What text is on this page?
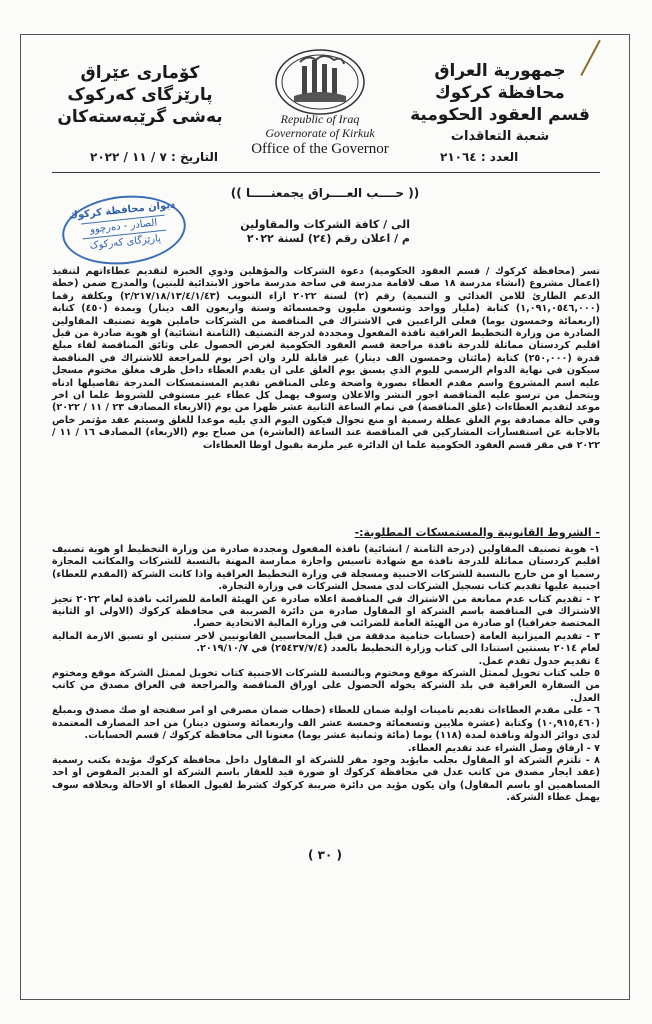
کۆماری عێراق
پارێزگای کەرکوک
بەشی گرێبەستەکان	Republic of Iraq
Governorate of Kirkuk
Office of the Governor
جمهورية العراق
محافظة كركوك
قسم العقود الحكومية
شعبة التعاقدات
العدد : ٢١٠٦٤
التاريخ : ٧ / ١١ / ٢٠٢٢
ديوان محافظة كركوك
الصادر - دەرچوو
پارێزگای کەرکوک
(( حــــب العــــراق يجمعنـــــا ))
الى / كافة الشركات والمقاولين
م / اعلان رقم (٢٤) لسنة ٢٠٢٢

تسر (محافظة كركوك / قسم العقود الحكومية) دعوة الشركات والمؤهلين وذوي الخبرة لتقديم عطاءاتهم لتنفيذ (اعمال مشروع (انشاء مدرسة ١٨ صف لاقامة مدرسة في ساحة مدرسة ماحوز الابتدائية للبنين) والمدرج ضمن (خطة الدعم الطارئ للامن الغذائي و التنمية) رقم (٢) لسنة ٢٠٢٢ ازاء التبويب (٢/٢١٧/١٨/١٣/٤/١/٤٣) وبكلفة رقما (١,٠٩١,٠٥٤٦,٠٠٠) كتابة (مليار وواحد وتسعون مليون وخمسمائة وستة واربعون الف دينار) وبمدة (٤٥٠) كتابة (اربعمائة وخمسون يوما) فعلى الراغبين في الاشتراك في المناقصة من الشركات حاملين هوية تصنيف المقاولين الصادرة من وزارة التخطيط العراقية نافذة المفعول ومجددة لدرجة التصنيف (الثامنة انشائية) او هوية صادرة من قبل اقليم كردستان مماثلة للدرجة نافذة مراجعة قسم العقود الحكومية لغرض الحصول على وثائق المناقصة لقاء مبلغ قدرة (٢٥٠,٠٠٠) كتابة (مائتان وخمسون الف دينار) غير قابلة للرد وان اخر يوم للمراجعة للاشتراك في المناقصة سيكون في نهاية الدوام الرسمي لليوم الذي يسبق يوم الغلق على ان يقدم العطاء داخل ظرف مغلق مختوم مسجل عليه اسم المشروع واسم مقدم العطاء بصورة واضحة وعلى المناقص تقديم المستمسكات المدرجة تفاصيلها ادناه ويتحمل من ترسو عليه المناقصة اجور النشر والاعلان وسوف يهمل كل عطاء غير مستوفي للشروط علما ان اخر موعد لتقديم العطاءات (غلق المناقصة) في تمام الساعة الثانية عشر ظهرا من يوم (الاربعاء المصادف ٢٣ / ١١ / ٢٠٢٢) وفي حالة مصادفة يوم الغلق عطلة رسمية او منع تجوال فيكون اليوم الذي يليه موعدا للغلق وسيتم عقد مؤتمر خاص بالاجابة عن استفسارات المشاركين في المناقصة عند الساعة (العاشرة) من صباح يوم (الاربعاء) المصادف ١٦ / ١١ / ٢٠٢٢ في مقر قسم العقود الحكومية علما ان الدائرة غير ملزمة بقبول اوطا العطاءات

- الشروط القانونية والمستمسكات المطلوبة:-

١- هوية تصنيف المقاولين (درجة الثامنة / انشائية) نافذة المفعول ومجددة صادرة من وزارة التخطيط او هوية تصنيف اقليم كردستان مماثلة للدرجة نافذة مع شهادة تاسيس واجازة ممارسة المهنة بالنسبة للشركات والمكاتب المجازة رسميا او من خارج بالنسبة للشركات الاجنبية ومسجلة في وزارة التخطيط العراقية واذا كانت الشركة (المقدم للعطاء) اجنبية عليها تقديم كتاب تسجيل الشركات لدى مسجل الشركات في وزارة التجارة.

٢ - تقديم كتاب عدم ممانعة من الاشتراك في المناقصة اعلاه صادرة عن الهيئة العامة للضرائب نافذة لعام ٢٠٢٢ تجيز الاشتراك في المناقصة باسم الشركة او المقاول صادرة من دائرة الضريبة في محافظة كركوك (الاولى او الثانية المختصة جغرافيا) او صادرة من الهيئة العامة للضرائب في وزارة المالية الاتحادية حصرا.

٣ - تقديم الميزانية العامة (حسابات ختامية مدققة من قبل المحاسبين القانونيين لاخر سنتين او تسبق الازمة المالية لعام ٢٠١٤ بسنتين استنادا الى كتاب وزارة التخطيط بالعدد (٢٥٤٣٧/٧/٤) في ٢٠١٩/١٠/٧.

٤ تقديم جدول تقدم عمل.

٥ جلب كتاب تخويل لممثل الشركة موقع ومختوم وبالنسبة للشركات الاجنبية كتاب تخويل لممثل الشركة موقع ومختوم من السفارة العراقية في بلد الشركة يخوله الحصول على اوراق المناقصة والمراجعة في العراق مصدق من كاتب العدل.

٦ - على مقدم العطاءات تقديم تامينات اولية ضمان للعطاء (خطاب ضمان مصرفي او امر سفتجة او صك مصدق وبمبلغ (١٠,٩١٥,٤٦٠) وكتابة (عشرة ملايين وتسعمائة وخمسة عشر الف واربعمائة وستون دينار) من احد المصارف المعتمدة لدى دوائر الدولة ونافذة لمدة (١١٨) يوما (مائة وثمانية عشر يوما) معنونا الى محافظة كركوك / قسم الحسابات.

٧ - ارفاق وصل الشراء عند تقديم العطاء.

٨ - تلتزم الشركة او المقاول بجلب مايؤيد وجود مقر للشركة او المقاول داخل محافظة كركوك مؤيدة بكتب رسمية (عقد ايجار مصدق من كاتب عدل في محافظة كركوك او صورة قيد للعقار باسم الشركة او المدير المفوض او احد المساهمين او باسم المقاول) وان يكون مؤيد من دائرة ضريبة كركوك كشرط لقبول العطاء او الاحالة وبخلافه سوف يهمل عطاء الشركة.

( ٣٠ )
